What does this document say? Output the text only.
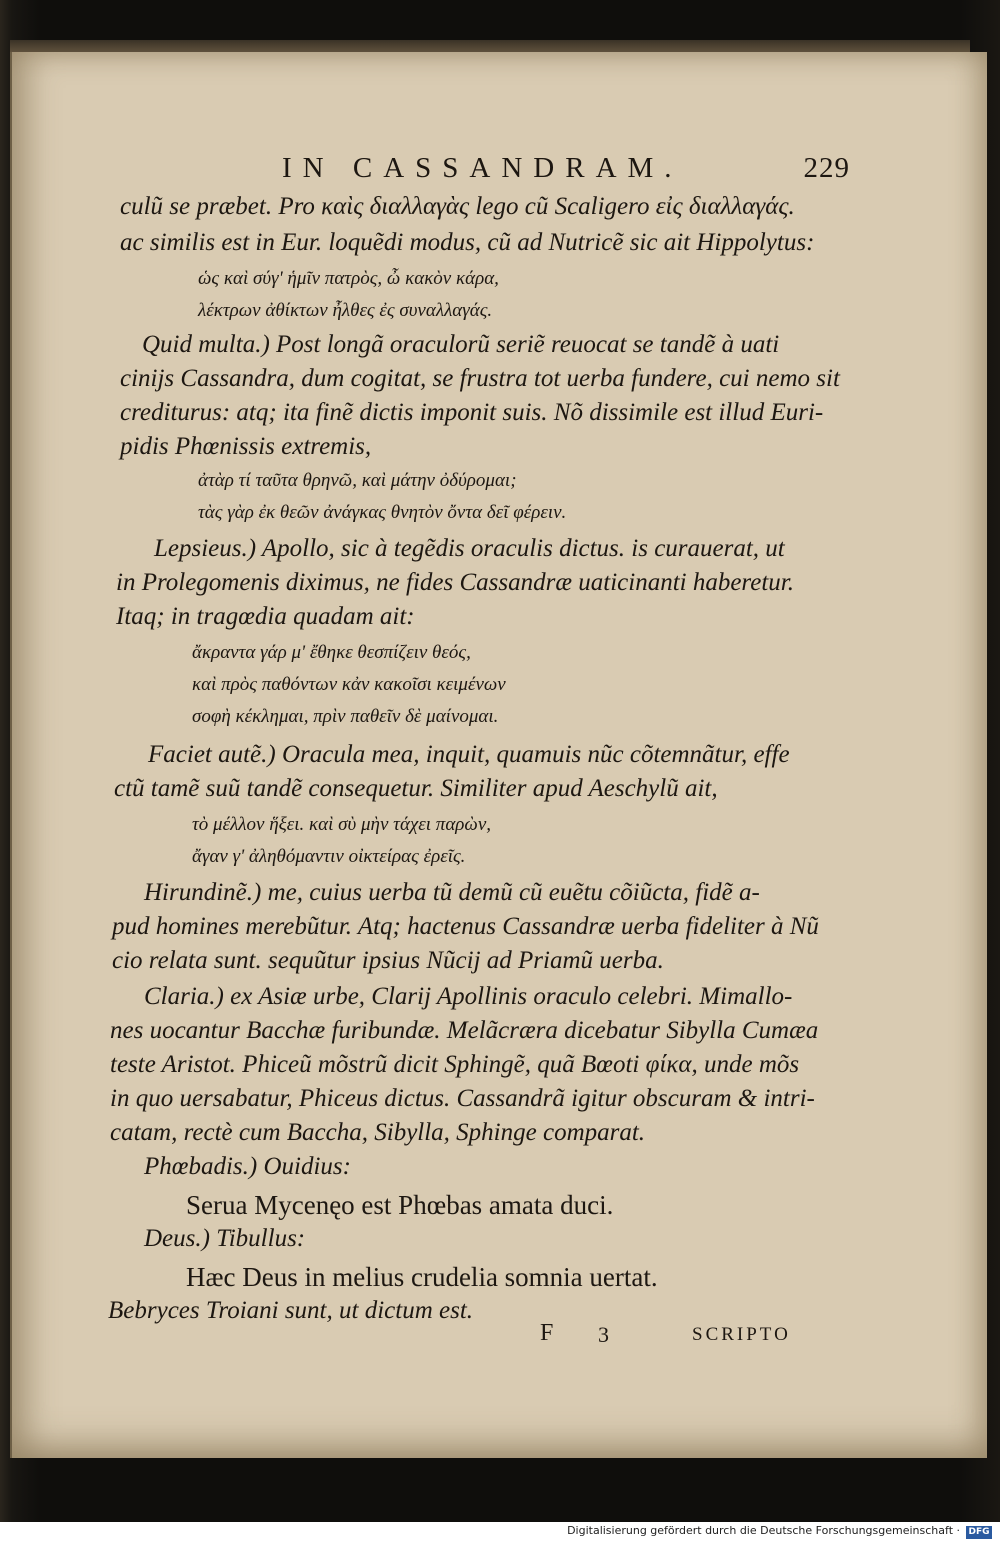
IN CASSANDRAM.	229
culũ se præbet. Pro καὶς διαλλαγὰς lego cũ Scaligero εἰς διαλλαγάς.
ac similis est in Eur. loquẽdi modus, cũ ad Nutricẽ sic ait Hippolytus:
ὡς καὶ σύγ' ἡμῖν πατρὸς, ὦ κακὸν κάρα,
λέκτρων ἀθίκτων ἦλθες ἐς συναλλαγάς.
Quid multa.) Post longã oraculorũ seriẽ reuocat se tandẽ à uati
cinijs Cassandra, dum cogitat, se frustra tot uerba fundere, cui nemo sit
crediturus: atq; ita finẽ dictis imponit suis. Nõ dissimile est illud Euri-
pidis Phœnissis extremis,
ἀτὰρ τί ταῦτα θρηνῶ, καὶ μάτην ὀδύρομαι;
τὰς γὰρ ἐκ θεῶν ἀνάγκας θνητὸν ὄντα δεῖ φέρειν.
Lepsieus.) Apollo, sic à tegẽdis oraculis dictus. is curauerat, ut
in Prolegomenis diximus, ne fides Cassandræ uaticinanti haberetur.
Itaq; in tragœdia quadam ait:
ἄκραντα γάρ μ' ἔθηκε θεσπίζειν θεός,
καὶ πρὸς παθόντων κἀν κακοῖσι κειμένων
σοφὴ κέκλημαι, πρὶν παθεῖν δὲ μαίνομαι.
Faciet autẽ.) Oracula mea, inquit, quamuis nũc cõtemnãtur, effe
ctũ tamẽ suũ tandẽ consequetur. Similiter apud Aeschylũ ait,
τὸ μέλλον ἥξει. καὶ σὺ μὴν τάχει παρὼν,
ἄγαν γ' ἀληθόμαντιν οἰκτείρας ἐρεῖς.
Hirundinẽ.) me, cuius uerba tũ demũ cũ euẽtu cõiũcta, fidẽ a-
pud homines merebũtur. Atq; hactenus Cassandræ uerba fideliter à Nũ
cio relata sunt. sequũtur ipsius Nũcij ad Priamũ uerba.
Claria.) ex Asiæ urbe, Clarij Apollinis oraculo celebri. Mimallo-
nes uocantur Bacchæ furibundæ. Melãcræra dicebatur Sibylla Cumæa
teste Aristot. Phiceũ mõstrũ dicit Sphingẽ, quã Bœoti φίκα, unde mõs
in quo uersabatur, Phiceus dictus. Cassandrã igitur obscuram & intri-
catam, rectè cum Baccha, Sibylla, Sphinge comparat.
Phœbadis.) Ouidius:
Serua Mycenęo est Phœbas amata duci.
Deus.) Tibullus:
Hæc Deus in melius crudelia somnia uertat.
Bebryces Troiani sunt, ut dictum est.
F 3	SCRIPTO
Digitalisierung gefördert durch die Deutsche Forschungsgemeinschaft · DFG
